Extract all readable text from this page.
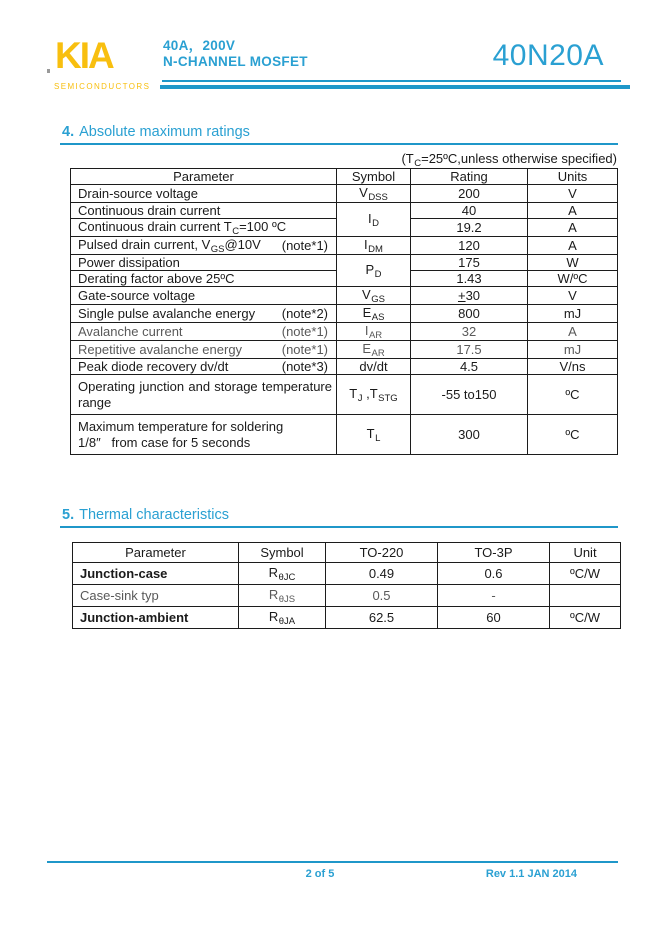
KIA
SEMICONDUCTORS
40A，200V
N-CHANNEL MOSFET	40N20A
4. Absolute maximum ratings
($T_C=25ºC,unless$ otherwise specified)
Parameter	Symbol	Rating	Units

Drain-source voltage	$V_{DSS}$	200	V

Continuous drain current	$I_D$	40	A

Continuous drain current $T_C=100$ ºC		19.2	A

Pulsed drain current, $V_{GS}@10V$ (note*1)	$I_{DM}$	120	A

Power dissipation	$P_D$	175	W

Derating factor above 25ºC		1.43	W/ºC

Gate-source voltage	$V_{GS}$	+30	V

Single pulse avalanche energy (note*2)	$E_{AS}$	800	mJ

Avalanche current (note*1)	$I_{AR}$	32	A

Repetitive avalanche energy (note*1)	$E_{AR}$	17.5	mJ

Peak diode recovery dv/dt (note*3)	dv/dt	4.5	V/ns

Operating junction and storage temperature range	$T_J$ $,T_{STG}$	-55 to150	ºC

Maximum temperature for soldering
1/8″   from case for 5 seconds	$T_L$	300	ºC
5. Thermal characteristics
Parameter	Symbol	TO-220	TO-3P	Unit
Junction-case	$R_{\theta JC}$	0.49	0.6	ºC/W
Case-sink typ	$R_{\theta JS}$	0.5	-	
Junction-ambient	$R_{\theta JA}$	62.5	60	ºC/W
2 of 5	Rev 1.1 JAN 2014
